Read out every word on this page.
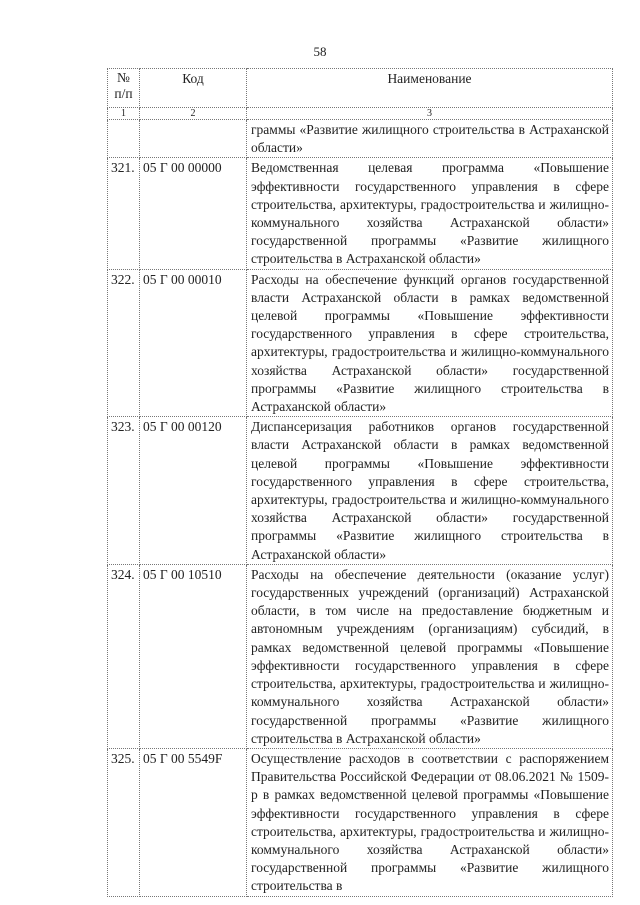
58
№
п/п	Код	Наименование
1	2	3
		граммы «Развитие жилищного строительства в Астраханской области»
321.	05 Г 00 00000	Ведомственная целевая программа «Повышение эффективности государственного управления в сфере строительства, архитектуры, градостроительства и жилищно-коммунального хозяйства Астраханской области» государственной программы «Развитие жилищного строительства в Астраханской области»
322.	05 Г 00 00010	Расходы на обеспечение функций органов государственной власти Астраханской области в рамках ведомственной целевой программы «Повышение эффективности государственного управления в сфере строительства, архитектуры, градостроительства и жилищно-коммунального хозяйства Астраханской области» государственной программы «Развитие жилищного строительства в Астраханской области»
323.	05 Г 00 00120	Диспансеризация работников органов государственной власти Астраханской области в рамках ведомственной целевой программы «Повышение эффективности государственного управления в сфере строительства, архитектуры, градостроительства и жилищно-коммунального хозяйства Астраханской области» государственной программы «Развитие жилищного строительства в Астраханской области»
324.	05 Г 00 10510	Расходы на обеспечение деятельности (оказание услуг) государственных учреждений (организаций) Астраханской области, в том числе на предоставление бюджетным и автономным учреждениям (организациям) субсидий, в рамках ведомственной целевой программы «Повышение эффективности государственного управления в сфере строительства, архитектуры, градостроительства и жилищно-коммунального хозяйства Астраханской области» государственной программы «Развитие жилищного строительства в Астраханской области»
325.	05 Г 00 5549F	Осуществление расходов в соответствии с распоряжением Правительства Российской Федерации от 08.06.2021 № 1509-р в рамках ведомственной целевой программы «Повышение эффективности государственного управления в сфере строительства, архитектуры, градостроительства и жилищно-коммунального хозяйства Астраханской области» государственной программы «Развитие жилищного строительства в
